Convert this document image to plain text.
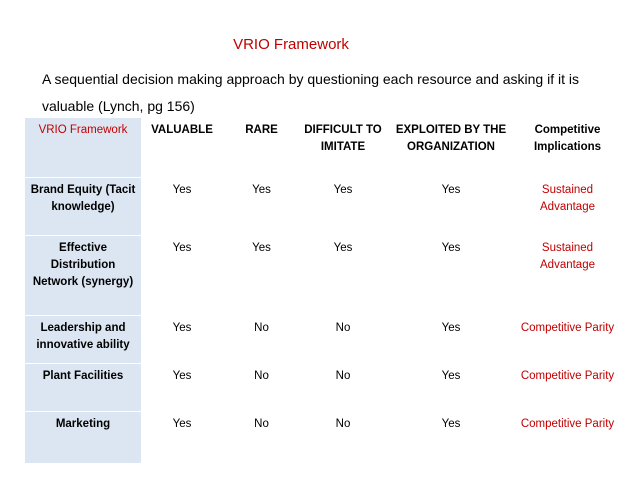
VRIO Framework
A sequential decision making approach by questioning each resource and asking if it is valuable (Lynch, pg 156)
VRIO Framework	VALUABLE	RARE	DIFFICULT TO IMITATE	EXPLOITED BY THE ORGANIZATION	Competitive Implications
Brand Equity (Tacit knowledge)	Yes	Yes	Yes	Yes	Sustained Advantage
Effective Distribution Network (synergy)	Yes	Yes	Yes	Yes	Sustained Advantage
Leadership and innovative ability	Yes	No	No	Yes	Competitive Parity
Plant Facilities	Yes	No	No	Yes	Competitive Parity
Marketing	Yes	No	No	Yes	Competitive Parity
